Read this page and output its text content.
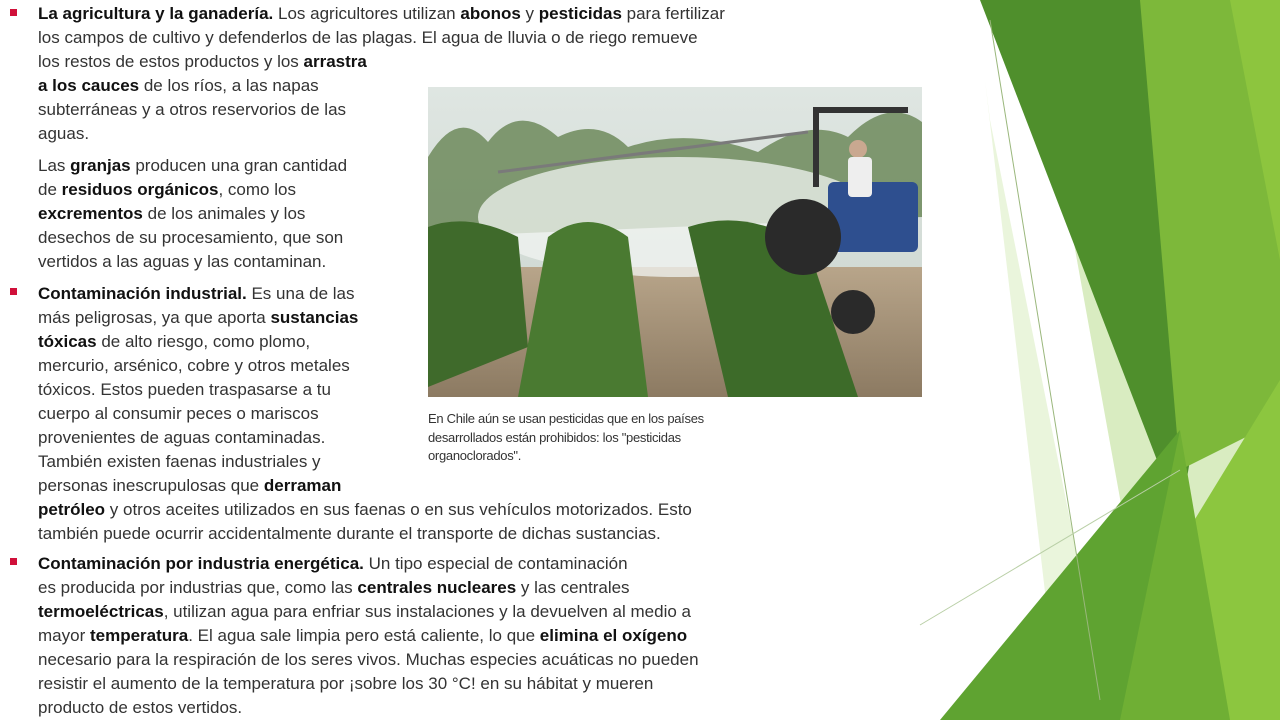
La agricultura y la ganadería. Los agricultores utilizan abonos y pesticidas para fertilizar
los campos de cultivo y defenderlos de las plagas. El agua de lluvia o de riego remueve
los restos de estos productos y los arrastra
a los cauces de los ríos, a las napas
subterráneas y a otros reservorios de las
aguas.
Las granjas producen una gran cantidad
de residuos orgánicos, como los
excrementos de los animales y los
desechos de su procesamiento, que son
vertidos a las aguas y las contaminan.
Contaminación industrial. Es una de las
más peligrosas, ya que aporta sustancias
tóxicas de alto riesgo, como plomo,
mercurio, arsénico, cobre y otros metales
tóxicos. Estos pueden traspasarse a tu
cuerpo al consumir peces o mariscos
provenientes de aguas contaminadas.
También existen faenas industriales y
personas inescrupulosas que derraman
petróleo y otros aceites utilizados en sus faenas o en sus vehículos motorizados. Esto
también puede ocurrir accidentalmente durante el transporte de dichas sustancias.
Contaminación por industria energética. Un tipo especial de contaminación
es producida por industrias que, como las centrales nucleares y las centrales
termoeléctricas, utilizan agua para enfriar sus instalaciones y la devuelven al medio a
mayor temperatura. El agua sale limpia pero está caliente, lo que elimina el oxígeno
necesario para la respiración de los seres vivos. Muchas especies acuáticas no pueden
resistir el aumento de la temperatura por ¡sobre los 30 °C! en su hábitat y mueren
producto de estos vertidos.
En Chile aún se usan pesticidas que en los países
desarrollados están prohibidos: los "pesticidas
organoclorados".
